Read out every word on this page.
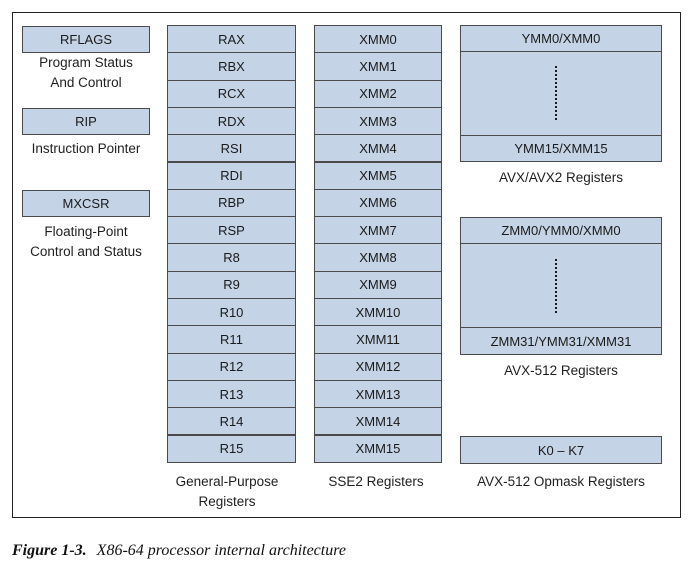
RFLAGS
Program Status
And Control
RIP
Instruction Pointer
MXCSR
Floating-Point
Control and Status
RAX
RBX
RCX
RDX
RSI
RDI
RBP
RSP
R8
R9
R10
R11
R12
R13
R14
R15
General-Purpose
Registers
XMM0
XMM1
XMM2
XMM3
XMM4
XMM5
XMM6
XMM7
XMM8
XMM9
XMM10
XMM11
XMM12
XMM13
XMM14
XMM15
SSE2 Registers
YMM0/XMM0
YMM15/XMM15
AVX/AVX2 Registers
ZMM0/YMM0/XMM0
ZMM31/YMM31/XMM31
AVX-512 Registers
K0 – K7
AVX-512 Opmask Registers
Figure 1-3. X86-64 processor internal architecture
